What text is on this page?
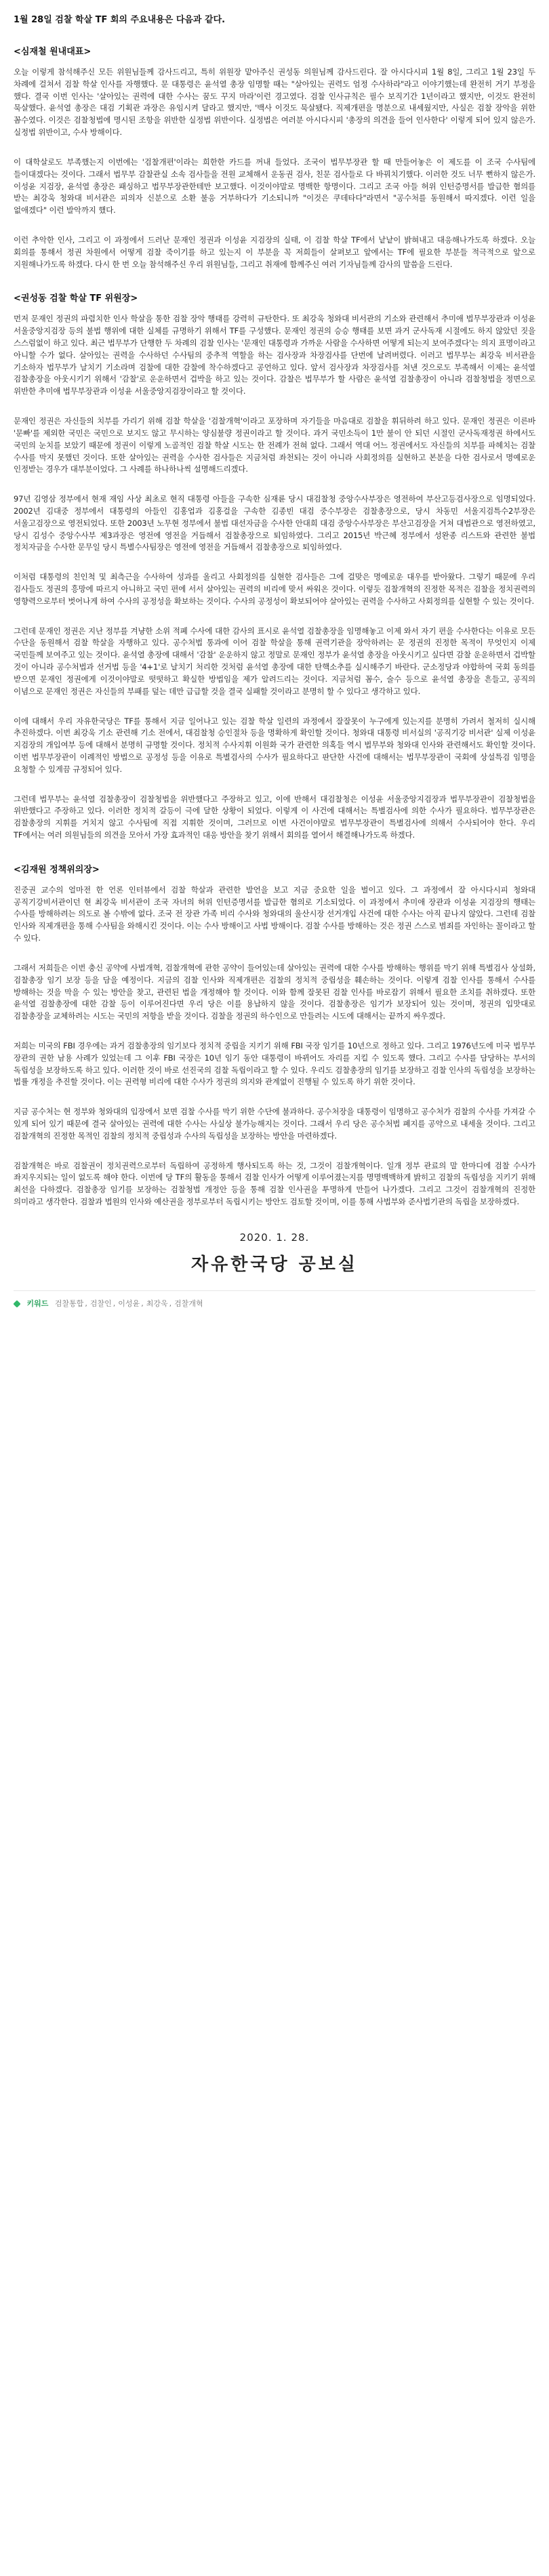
1월 28일 검찰 학살 TF 회의 주요내용은 다음과 같다.
<심재철 원내대표>

오늘 이렇게 참석해주신 모든 위원님들께 감사드리고, 특히 위원장 맡아주신 권성동 의원님께 감사드린다. 잘 아시다시피 1월 8일, 그리고 1월 23일 두 차례에 걸쳐서 검찰 학살 인사를 자행했다. 문 대통령은 윤석열 총장 임명할 때는 "살아있는 권력도 엄정 수사하라"라고 이야기했는데 완전히 거기 부정을 했다. 결국 이번 인사는 '살아있는 권력에 대한 수사는 꿈도 꾸지 마라'이런 경고였다. 검찰 인사규칙은 필수 보직기간 1년이라고 했지만, 이것도 완전히 묵살했다. 윤석열 총장은 대검 기획관 과장은 유임시켜 달라고 했지만, '백사 이것도 묵살됐다. 직제개편을 명분으로 내세웠지만, 사실은 검찰 장악을 위한 꼼수였다. 이것은 검찰청법에 명시된 조항을 위반한 실정법 위반이다. 실정법은 여러분 아시다시피 '총장의 의견을 들어 인사한다' 이렇게 되어 있지 않은가. 실정법 위반이고, 수사 방해이다.

이 대학살로도 부족했는지 이번에는 '검찰개편'이라는 희한한 카드를 꺼내 들었다. 조국이 법무부장관 할 때 만들어놓은 이 제도를 이 조국 수사팀에 들이대겠다는 것이다. 그래서 법무부 감찰관실 소속 검사들을 전원 교체해서 운동권 검사, 친문 검사들로 다 바꿔치기했다. 이러한 것도 너무 뻔하지 않은가. 이성윤 지검장, 윤석열 총장은 패싱하고 법무부장관한테만 보고했다. 이것이야말로 명백한 항명이다. 그리고 조국 아들 허위 인턴증명서를 발급한 혐의를 받는 최강욱 청와대 비서관은 피의자 신분으로 소환 불응 거부하다가 기소되니까 "이것은 쿠데타다"라면서 "공수처를 동원해서 따지겠다. 이런 일을 없애겠다" 이런 발악까지 했다.

이런 추악한 인사, 그리고 이 과정에서 드러난 문재인 정권과 이성윤 지검장의 실태, 이 검찰 학살 TF에서 낱낱이 밝혀내고 대응해나가도록 하겠다. 오늘 회의를 통해서 정권 차원에서 어떻게 검찰 죽이기를 하고 있는지 이 부분을 꼭 저희들이 살펴보고 앞에서는 TF에 필요한 부분들 적극적으로 앞으로 지원해나가도록 하겠다. 다시 한 번 오늘 참석해주신 우리 위원님들, 그리고 취재에 함께주신 여러 기자님들께 감사의 말씀을 드린다.

<권성동 검찰 학살 TF 위원장>

먼저 문재인 정권의 파렴치한 인사 학살을 통한 검찰 장악 행태를 강력히 규탄한다. 또 최강욱 청와대 비서관의 기소와 관련해서 추미애 법무부장관과 이성윤 서울중앙지검장 등의 불법 행위에 대한 실체를 규명하기 위해서 TF를 구성했다. 문재인 정권의 승승 행태를 보면 과거 군사독재 시절에도 하지 않았던 짓을 스스럼없이 하고 있다. 최근 법무부가 단행한 두 차례의 검찰 인사는 '문재인 대통령과 가까운 사람을 수사하면 어떻게 되는지 보여주겠다'는 의지 표명이라고 아니할 수가 없다. 살아있는 권력을 수사하던 수사팀의 중추적 역할을 하는 검사장과 차장검사를 단번에 날려버렸다. 이러고 법무부는 최강욱 비서관을 기소하자 법무부가 날치기 기소라며 검찰에 대한 감찰에 착수하겠다고 공언하고 있다. 앞서 검사장과 차장검사를 쳐낸 것으로도 부족해서 이제는 윤석열 검찰총장을 아웃시키기 위해서 '감찰'로 운운하면서 겁박을 하고 있는 것이다. 감찰은 법무부가 할 사람은 윤석열 검찰총장이 아니라 검찰청법을 정면으로 위반한 추미애 법무부장관과 이성윤 서울중앙지검장이라고 할 것이다.

문재인 정권은 자신들의 치부를 가리기 위해 검찰 학살을 '검찰개혁'이라고 포장하며 자기들을 마음대로 검찰을 휘뒤하려 하고 있다. 문재인 정권은 이른바 '문빠'를 제외한 국민은 국민으로 보지도 않고 무시하는 양심불량 정권이라고 할 것이다. 과거 국민소득이 1만 불이 안 되던 시절인 군사독재정권 하에서도 국민의 눈치를 보았기 때문에 정권이 이렇게 노골적인 검찰 학살 시도는 한 전례가 전혀 없다. 그래서 역대 어느 정권에서도 자신들의 치부를 파헤치는 검찰 수사를 막지 못했던 것이다. 또한 살아있는 권력을 수사한 검사들은 지금처럼 좌천되는 것이 아니라 사회정의를 실현하고 본분을 다한 검사로서 명예로운 인정받는 경우가 대부분이었다. 그 사례를 하나하나씩 설명해드리겠다.

97년 김영삼 정부에서 현재 재임 사상 최초로 현직 대통령 아들을 구속한 심재륜 당시 대검찰청 중앙수사부장은 영전하여 부산고등검사장으로 임명되었다. 2002년 김대중 정부에서 대통령의 아들인 김홍업과 김홍걸을 구속한 김종빈 대검 중수부장은 검찰총장으로, 당시 차동민 서울지검특수2부장은 서울고검장으로 영전되었다. 또한 2003년 노무현 정부에서 불법 대선자금을 수사한 안대희 대검 중앙수사부장은 부산고검장을 거쳐 대법관으로 영전하였고, 당시 김성수 중앙수사부 제3과장은 영전에 영전을 거듭해서 검찰총장으로 퇴임하였다. 그리고 2015년 박근혜 정부에서 성완종 리스트와 관련한 불법 정치자금을 수사한 문무일 당시 특별수사팀장은 영전에 영전을 거듭해서 검찰총장으로 퇴임하였다.

이처럼 대통령의 친인척 및 최측근을 수사하여 성과를 올리고 사회정의를 실현한 검사들은 그에 걸맞은 명예로운 대우를 받아왔다. 그렇기 때문에 우리 검사들도 정권의 흥망에 따르지 아니하고 국민 편에 서서 살아있는 권력의 비리에 맞서 싸워온 것이다. 이렇듯 검찰개혁의 진정한 목적은 검찰을 정치권력의 영향력으로부터 벗어나게 하여 수사의 공정성을 확보하는 것이다. 수사의 공정성이 확보되어야 살아있는 권력을 수사하고 사회정의를 실현할 수 있는 것이다.

그런데 문재인 정권은 지난 정부를 겨냥한 소위 적폐 수사에 대한 감사의 표시로 윤석열 검찰총장을 임명해놓고 이제 와서 자기 편을 수사한다는 이유로 모든 수단을 동원해서 검찰 학살을 자행하고 있다. 공수처법 통과에 이어 검찰 학살을 통해 권력기관을 장악하려는 문 정권의 진정한 목적이 무엇인지 이제 국민들께 보여주고 있는 것이다. 윤석열 총장에 대해서 '감찰' 운운하지 않고 정말로 문재인 정부가 윤석열 총장을 아웃시키고 싶다면 감찰 운운하면서 겁박할 것이 아니라 공수처법과 선거법 등을 '4+1'로 날치기 처리한 것처럼 윤석열 총장에 대한 탄핵소추를 실시해주기 바란다. 군소정당과 야합하여 국회 동의를 받으면 문재인 정권에게 이것이야말로 떳떳하고 확실한 방법임을 제가 알려드리는 것이다. 지금처럼 꼼수, 술수 등으로 윤석열 총장을 흔들고, 공직의 이념으로 문재인 정권은 자신들의 부패를 덮는 데만 급급할 것을 결국 실패할 것이라고 분명히 할 수 있다고 생각하고 있다.

이에 대해서 우리 자유한국당은 TF를 통해서 지금 일어나고 있는 검찰 학살 일련의 과정에서 잘잘못이 누구에게 있는지를 분명히 가려서 철저히 실시해 추진하겠다. 이번 최강욱 기소 관련해 기소 전에서, 대검찰청 승인절차 등을 명확하게 확인할 것이다. 청와대 대통령 비서실의 '공직기강 비서관' 실제 이성윤 지검장의 개입여부 등에 대해서 분명히 규명할 것이다. 정치적 수사지휘 이원화 국가 관련한 의혹들 역시 법무부와 청와대 인사와 관련해서도 확인할 것이다. 이번 법무부장관이 이례적인 방법으로 공정성 등을 이유로 특별검사의 수사가 필요하다고 판단한 사건에 대해서는 법무부장관이 국회에 상설특검 임명을 요청할 수 있게끔 규정되어 있다.

그런데 법무부는 윤석열 검찰총장이 검찰청법을 위반했다고 주장하고 있고, 이에 반해서 대검찰청은 이성윤 서울중앙지검장과 법무부장관이 검찰청법을 위반했다고 주장하고 있다. 이러한 정치적 갈등이 극에 달한 상황이 되었다. 이렇게 이 사건에 대해서는 특별검사에 의한 수사가 필요하다. 법무부장관은 검찰총장의 지휘를 거치지 않고 수사팀에 직접 지휘한 것이며, 그러므로 이번 사건이야말로 법무부장관이 특별검사에 의해서 수사되어야 한다. 우리 TF에서는 여러 의원님들의 의견을 모아서 가장 효과적인 대응 방안을 찾기 위해서 회의를 열어서 해결해나가도록 하겠다.

<김재원 정책위의장>

진중권 교수의 얼마전 한 언론 인터뷰에서 검찰 학살과 관련한 발언을 보고 지금 중요한 일을 벌이고 있다. 그 과정에서 잘 아시다시피 청와대 공직기강비서관이던 현 최강욱 비서관이 조국 자녀의 허위 인턴증명서를 발급한 혐의로 기소되었다. 이 과정에서 추미애 장관과 이성윤 지검장의 행태는 수사를 방해하려는 의도로 볼 수밖에 없다. 조국 전 장관 가족 비리 수사와 청와대의 울산시장 선거개입 사건에 대한 수사는 아직 끝나지 않았다. 그런데 검찰 인사와 직제개편을 통해 수사팀을 와해시킨 것이다. 이는 수사 방해이고 사법 방해이다. 검찰 수사를 방해하는 것은 정권 스스로 범죄를 자인하는 꼴이라고 할 수 있다.

그래서 저희들은 이번 충신 공약에 사법개혁, 검찰개혁에 관한 공약이 들어있는데 살아있는 권력에 대한 수사를 방해하는 행위를 막기 위해 특별검사 상설화, 검찰총장 임기 보장 등을 담을 예정이다. 지금의 검찰 인사와 직제개편은 검찰의 정치적 중립성을 훼손하는 것이다. 이렇게 검찰 인사를 통해서 수사를 방해하는 것을 막을 수 있는 방안을 찾고, 관련된 법을 개정해야 할 것이다. 이와 함께 잘못된 검찰 인사를 바로잡기 위해서 필요한 조치를 취하겠다. 또한 윤석열 검찰총장에 대한 감찰 등이 이루어진다면 우리 당은 이를 용납하지 않을 것이다. 검찰총장은 임기가 보장되어 있는 것이며, 정권의 입맛대로 검찰총장을 교체하려는 시도는 국민의 저항을 받을 것이다. 검찰을 정권의 하수인으로 만들려는 시도에 대해서는 끝까지 싸우겠다.

저희는 미국의 FBI 경우에는 과거 검찰총장의 임기보다 정치적 중립을 지키기 위해 FBI 국장 임기를 10년으로 정하고 있다. 그리고 1976년도에 미국 법무부 장관의 권한 남용 사례가 있었는데 그 이후 FBI 국장은 10년 임기 동안 대통령이 바뀌어도 자리를 지킬 수 있도록 했다. 그리고 수사를 담당하는 부서의 독립성을 보장하도록 하고 있다. 이러한 것이 바로 선진국의 검찰 독립이라고 할 수 있다. 우리도 검찰총장의 임기를 보장하고 검찰 인사의 독립성을 보장하는 법률 개정을 추진할 것이다. 이는 권력형 비리에 대한 수사가 정권의 의지와 관계없이 진행될 수 있도록 하기 위한 것이다.

지금 공수처는 현 정부와 청와대의 입장에서 보면 검찰 수사를 막기 위한 수단에 불과하다. 공수처장을 대통령이 임명하고 공수처가 검찰의 수사를 가져갈 수 있게 되어 있기 때문에 결국 살아있는 권력에 대한 수사는 사실상 불가능해지는 것이다. 그래서 우리 당은 공수처법 폐지를 공약으로 내세울 것이다. 그리고 검찰개혁의 진정한 목적인 검찰의 정치적 중립성과 수사의 독립성을 보장하는 방안을 마련하겠다.

검찰개혁은 바로 검찰권이 정치권력으로부터 독립하여 공정하게 행사되도록 하는 것, 그것이 검찰개혁이다. 일개 정부 관료의 말 한마디에 검찰 수사가 좌지우지되는 일이 없도록 해야 한다. 이번에 당 TF의 활동을 통해서 검찰 인사가 어떻게 이루어졌는지를 명명백백하게 밝히고 검찰의 독립성을 지키기 위해 최선을 다하겠다. 검찰총장 임기를 보장하는 검찰청법 개정안 등을 통해 검찰 인사권을 투명하게 만들어 나가겠다. 그리고 그것이 검찰개혁의 진정한 의미라고 생각한다. 검찰과 법원의 인사와 예산권을 정부로부터 독립시키는 방안도 검토할 것이며, 이를 통해 사법부와 준사법기관의 독립을 보장하겠다.

2020. 1. 28.
자유한국당 공보실
키워드 검찰통합 , 검찰인 , 이성윤 , 최강욱 , 검찰개혁
